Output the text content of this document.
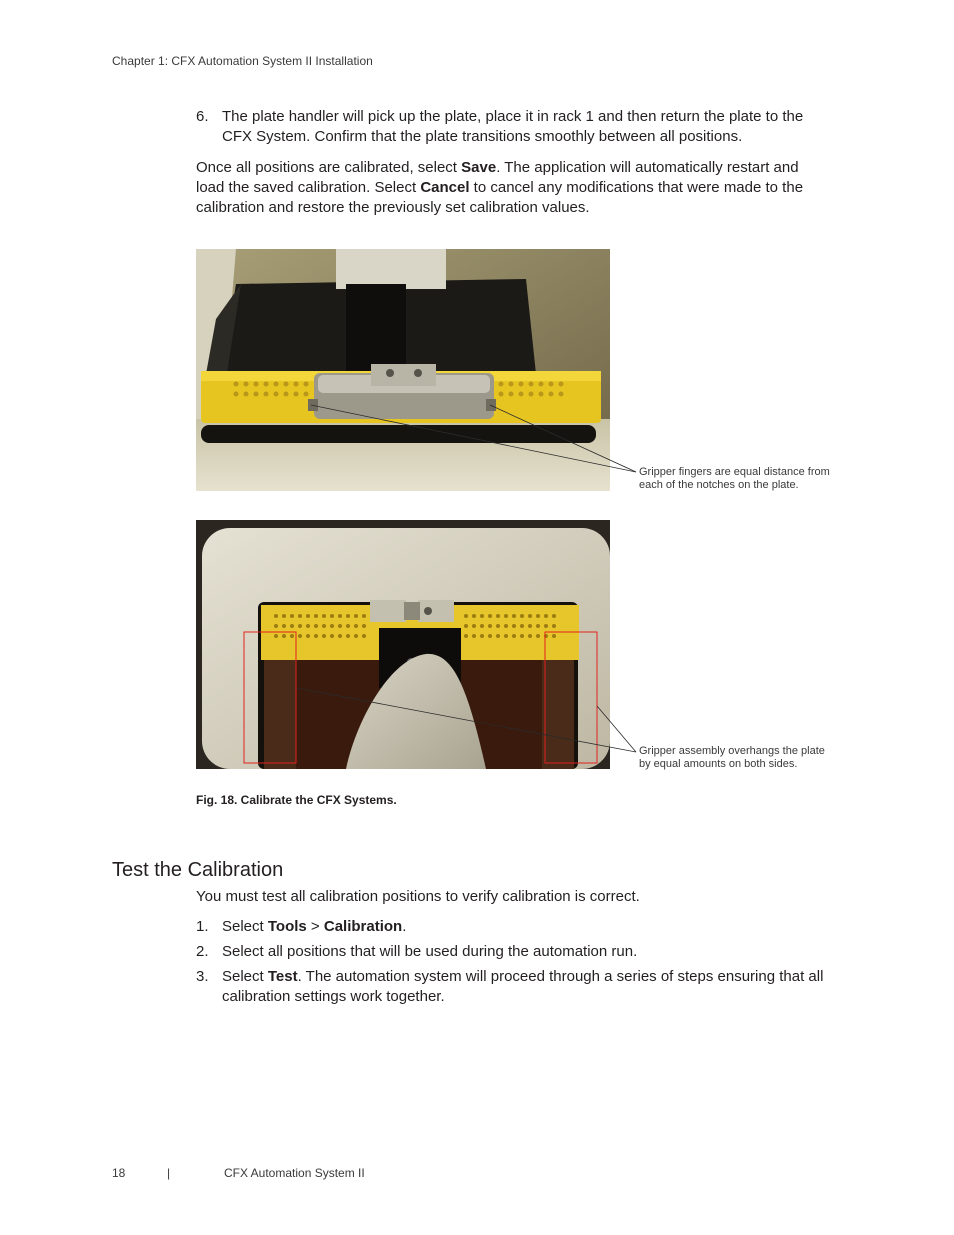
Chapter 1: CFX Automation System II Installation
6. The plate handler will pick up the plate, place it in rack 1 and then return the plate to the
CFX System. Confirm that the plate transitions smoothly between all positions.
Once all positions are calibrated, select Save. The application will automatically restart and
load the saved calibration. Select Cancel to cancel any modifications that were made to the
calibration and restore the previously set calibration values.
Gripper fingers are equal distance from
each of the notches on the plate.
Gripper assembly overhangs the plate
by equal amounts on both sides.
Fig. 18. Calibrate the CFX Systems.
Test the Calibration
You must test all calibration positions to verify calibration is correct.
1. Select Tools > Calibration.
2. Select all positions that will be used during the automation run.
3. Select Test. The automation system will proceed through a series of steps ensuring that all
calibration settings work together.
18	|	CFX Automation System II
